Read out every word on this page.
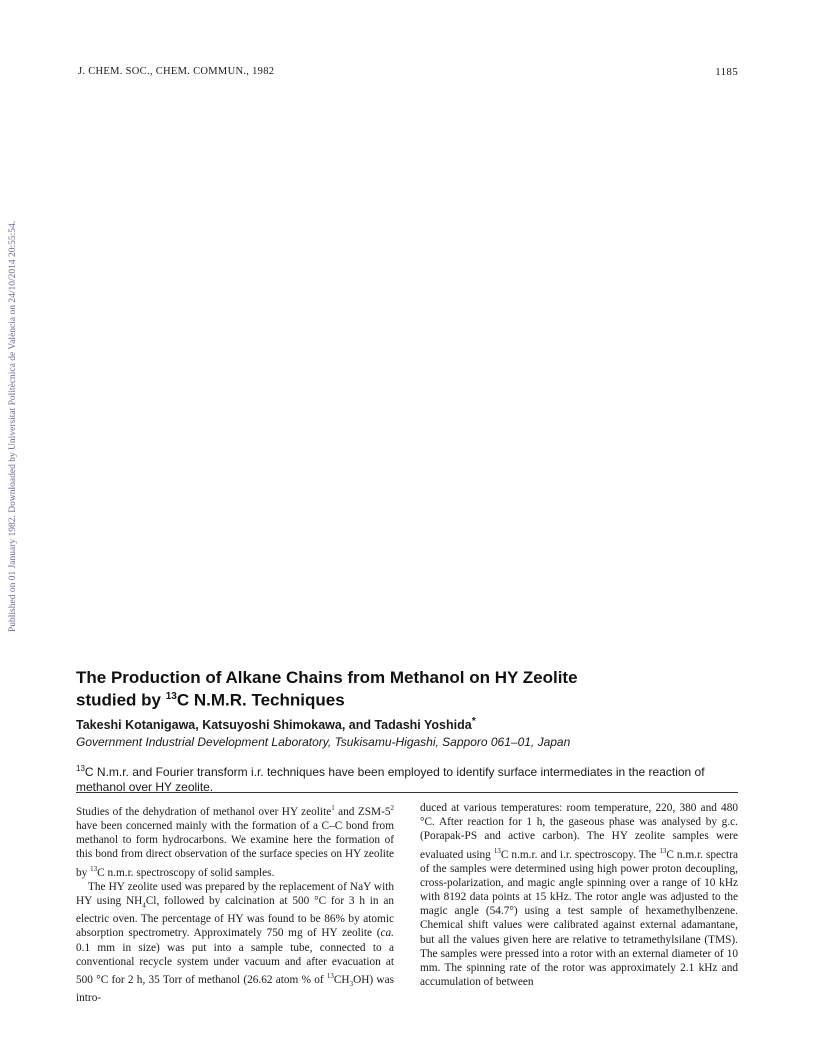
J. CHEM. SOC., CHEM. COMMUN., 1982	1185
Published on 01 January 1982. Downloaded by Universitat Politècnica de València on 24/10/2014 20:55:54.
The Production of Alkane Chains from Methanol on HY Zeolite
studied by $^{13}$C N.M.R. Techniques
Takeshi Kotanigawa, Katsuyoshi Shimokawa, and Tadashi Yoshida*
Government Industrial Development Laboratory, Tsukisamu-Higashi, Sapporo 061–01, Japan
$^{13}$C N.m.r. and Fourier transform i.r. techniques have been employed to identify surface intermediates in the reaction of methanol over HY zeolite.

Studies of the dehydration of methanol over HY zeolite$^1$ and ZSM-$5^2$ have been concerned mainly with the formation of a C–C bond from methanol to form hydrocarbons. We examine here the formation of this bond from direct observation of the surface species on HY zeolite by $^{13}$C n.m.r. spectroscopy of solid samples.

The HY zeolite used was prepared by the replacement of NaY with HY using $NH_4Cl$, followed by calcination at 500 °C for 3 h in an electric oven. The percentage of HY was found to be 86% by atomic absorption spectrometry. Approximately 750 mg of HY zeolite (ca. 0.1 mm in size) was put into a sample tube, connected to a conventional recycle system under vacuum and after evacuation at 500 °C for 2 h, 35 Torr of methanol (26.62 atom % of $^{13}CH_3OH$) was intro-

duced at various temperatures: room temperature, 220, 380 and 480 °C. After reaction for 1 h, the gaseous phase was analysed by g.c. (Porapak-PS and active carbon). The HY zeolite samples were evaluated using $^{13}$C n.m.r. and i.r. spectroscopy. The $^{13}$C n.m.r. spectra of the samples were determined using high power proton decoupling, cross-polarization, and magic angle spinning over a range of 10 kHz with 8192 data points at 15 kHz. The rotor angle was adjusted to the magic angle (54.7°) using a test sample of hexamethylbenzene. Chemical shift values were calibrated against external adamantane, but all the values given here are relative to tetramethylsilane (TMS). The samples were pressed into a rotor with an external diameter of 10 mm. The spinning rate of the rotor was approximately 2.1 kHz and accumulation of between
